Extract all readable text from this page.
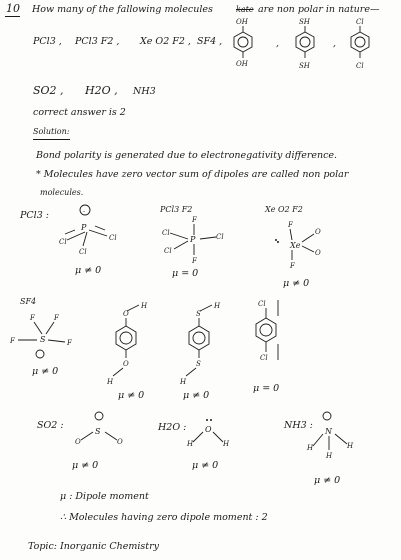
10 How many of the fallowing molecules	kate are non polar in nature—
PCl3 , PCl3 F2 , Xe O2 F2 , SF4 ,
OH
OH
,
SH
SH
,
Cl
Cl
SO2 , H2O , NH3
correct answer is 2
Solution:
Bond polarity is generated due to electronegativity difference.
* Molecules have zero vector sum of dipoles are called non polar
molecules.
PCl3 :	-
P
Cl
Cl
Cl
μ ≠ 0
PCl3 F2
F
P
F
Cl
Cl
Cl
μ = 0
Xe O2 F2
F
Xe
F
O
O
μ ≠ 0
SF4
F	F
S
F	F
μ ≠ 0
H
O
O
H
μ ≠ 0
H
S
S
H
μ ≠ 0
Cl
Cl
μ = 0
SO2 :
S
O	O
μ ≠ 0
H2O : O
H	H
μ ≠ 0
NH3 :
N
H
H
H
μ ≠ 0
μ : Dipole moment
∴ Molecules having zero dipole moment : 2
Topic: Inorganic Chemistry
